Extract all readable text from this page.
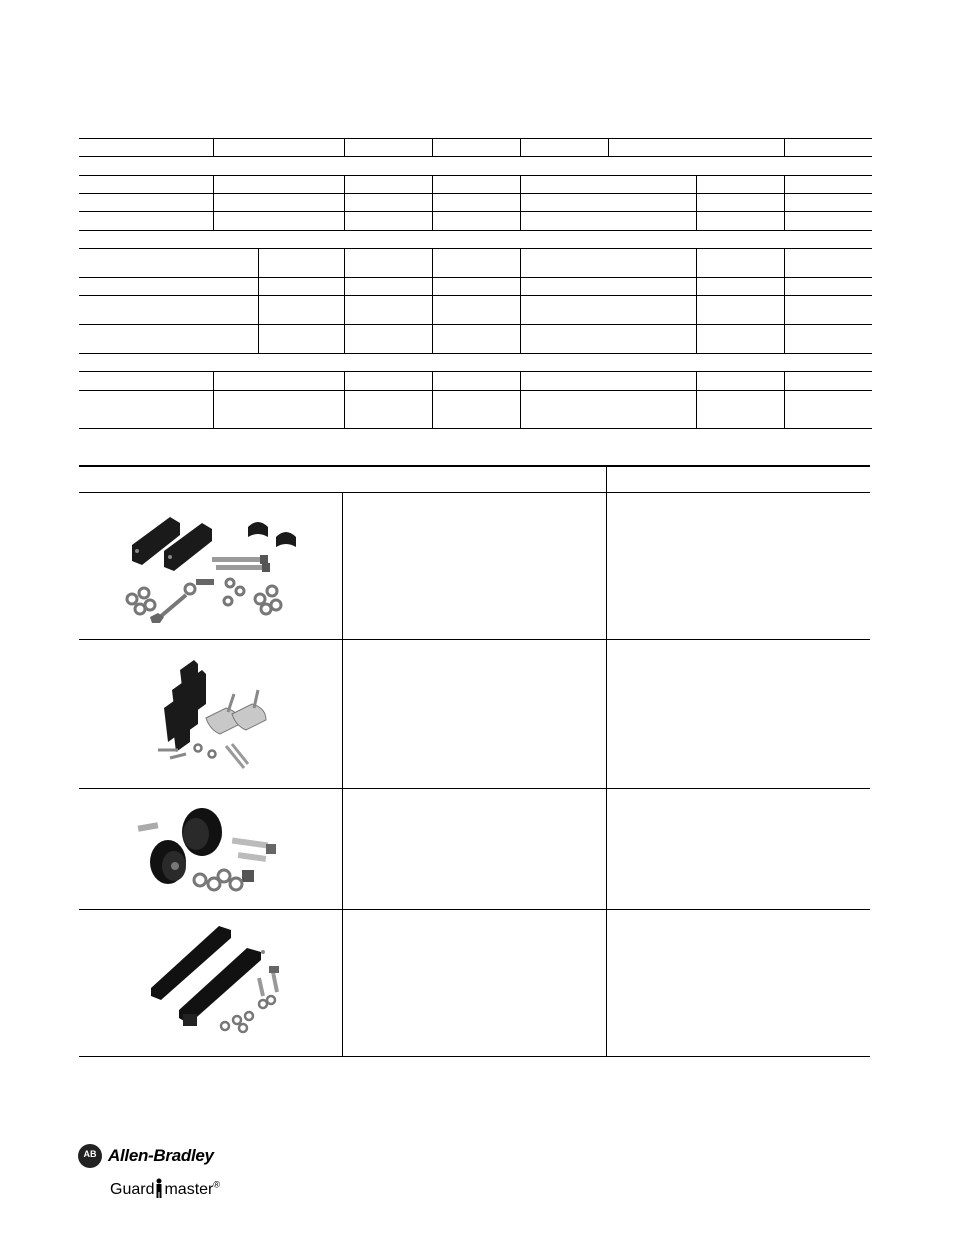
AB Allen-Bradley
Guard master®
